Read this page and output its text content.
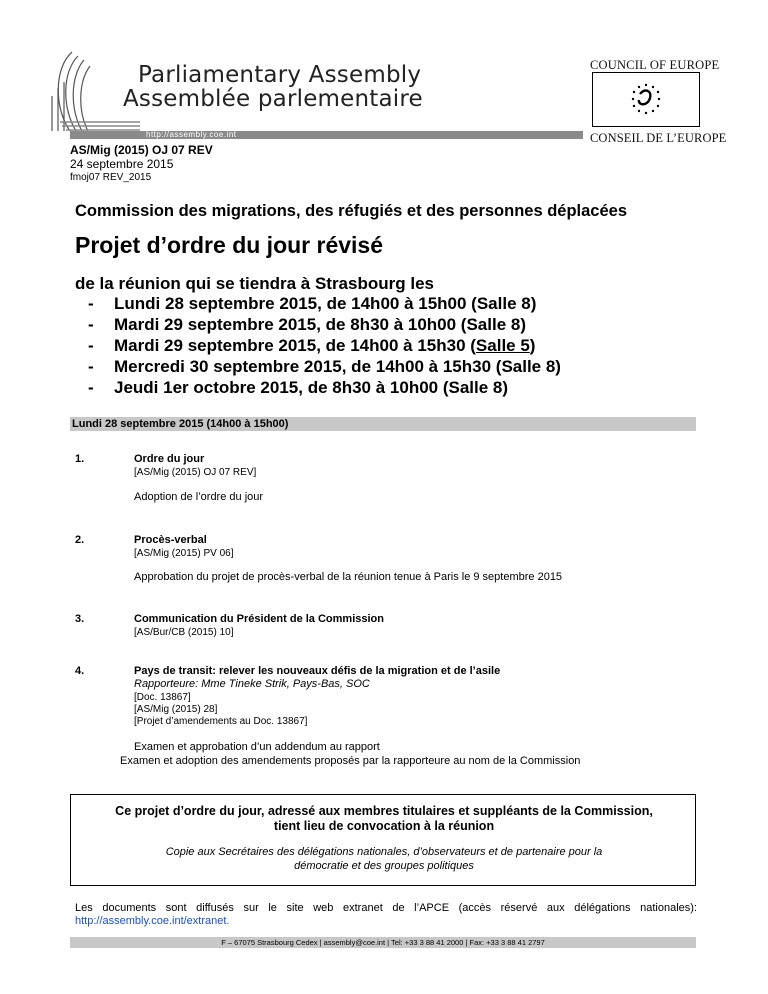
Parliamentary Assembly
Assemblée parlementaire
http://assembly.coe.int
COUNCIL OF EUROPE
CONSEIL DE L’EUROPE
AS/Mig (2015) OJ 07 REV
24 septembre 2015
fmoj07 REV_2015
Commission des migrations, des réfugiés et des personnes déplacées
Projet d’ordre du jour révisé
de la réunion qui se tiendra à Strasbourg les
- Lundi 28 septembre 2015, de 14h00 à 15h00 (Salle 8)
- Mardi 29 septembre 2015, de 8h30 à 10h00 (Salle 8)
- Mardi 29 septembre 2015, de 14h00 à 15h30 (Salle 5)
- Mercredi 30 septembre 2015, de 14h00 à 15h30 (Salle 8)
- Jeudi 1er octobre 2015, de 8h30 à 10h00 (Salle 8)
Lundi 28 septembre 2015 (14h00 à 15h00)
1.	Ordre du jour
[AS/Mig (2015) OJ 07 REV]
Adoption de l’ordre du jour
2.	Procès-verbal
[AS/Mig (2015) PV 06]
Approbation du projet de procès-verbal de la réunion tenue à Paris le 9 septembre 2015
3.	Communication du Président de la Commission
[AS/Bur/CB (2015) 10]
4.	Pays de transit: relever les nouveaux défis de la migration et de l’asile
Rapporteure: Mme Tineke Strik, Pays-Bas, SOC
[Doc. 13867]
[AS/Mig (2015) 28]
[Projet d’amendements au Doc. 13867]
Examen et approbation d’un addendum au rapport
Examen et adoption des amendements proposés par la rapporteure au nom de la Commission
Ce projet d’ordre du jour, adressé aux membres titulaires et suppléants de la Commission,
tient lieu de convocation à la réunion
Copie aux Secrétaires des délégations nationales, d’observateurs et de partenaire pour la
démocratie et des groupes politiques
Les documents sont diffusés sur le site web extranet de l’APCE (accès réservé aux délégations nationales):
http://assembly.coe.int/extranet.
F – 67075 Strasbourg Cedex | assembly@coe.int | Tel: +33 3 88 41 2000 | Fax: +33 3 88 41 2797
